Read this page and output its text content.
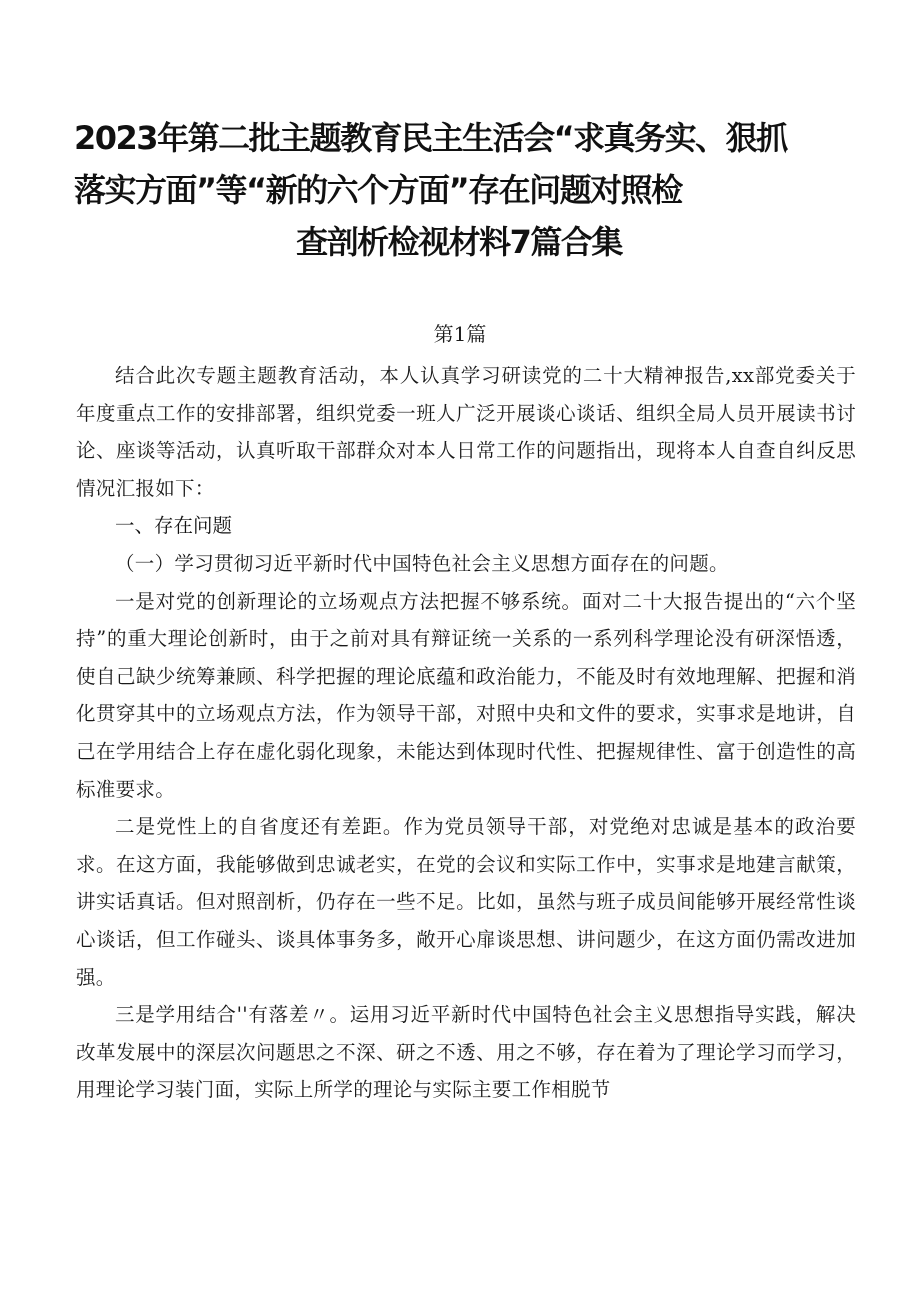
2023年第二批主题教育民主生活会“求真务实、狠抓
落实方面”等“新的六个方面”存在问题对照检
查剖析检视材料7篇合集
第1篇

结合此次专题主题教育活动，本人认真学习研读党的二十大精神报告,xx部党委关于年度重点工作的安排部署，组织党委一班人广泛开展谈心谈话、组织全局人员开展读书讨论、座谈等活动，认真听取干部群众对本人日常工作的问题指出，现将本人自查自纠反思情况汇报如下：

一、存在问题

（一）学习贯彻习近平新时代中国特色社会主义思想方面存在的问题。

一是对党的创新理论的立场观点方法把握不够系统。面对二十大报告提出的“六个坚持”的重大理论创新时，由于之前对具有辩证统一关系的一系列科学理论没有研深悟透，使自己缺少统筹兼顾、科学把握的理论底蕴和政治能力，不能及时有效地理解、把握和消化贯穿其中的立场观点方法，作为领导干部，对照中央和文件的要求，实事求是地讲，自己在学用结合上存在虚化弱化现象，未能达到体现时代性、把握规律性、富于创造性的高标准要求。

二是党性上的自省度还有差距。作为党员领导干部，对党绝对忠诚是基本的政治要求。在这方面，我能够做到忠诚老实，在党的会议和实际工作中，实事求是地建言献策，讲实话真话。但对照剖析，仍存在一些不足。比如，虽然与班子成员间能够开展经常性谈心谈话，但工作碰头、谈具体事务多，敞开心扉谈思想、讲问题少，在这方面仍需改进加强。

三是学用结合''有落差〃。运用习近平新时代中国特色社会主义思想指导实践，解决改革发展中的深层次问题思之不深、研之不透、用之不够，存在着为了理论学习而学习，用理论学习装门面，实际上所学的理论与实际主要工作相脱节
